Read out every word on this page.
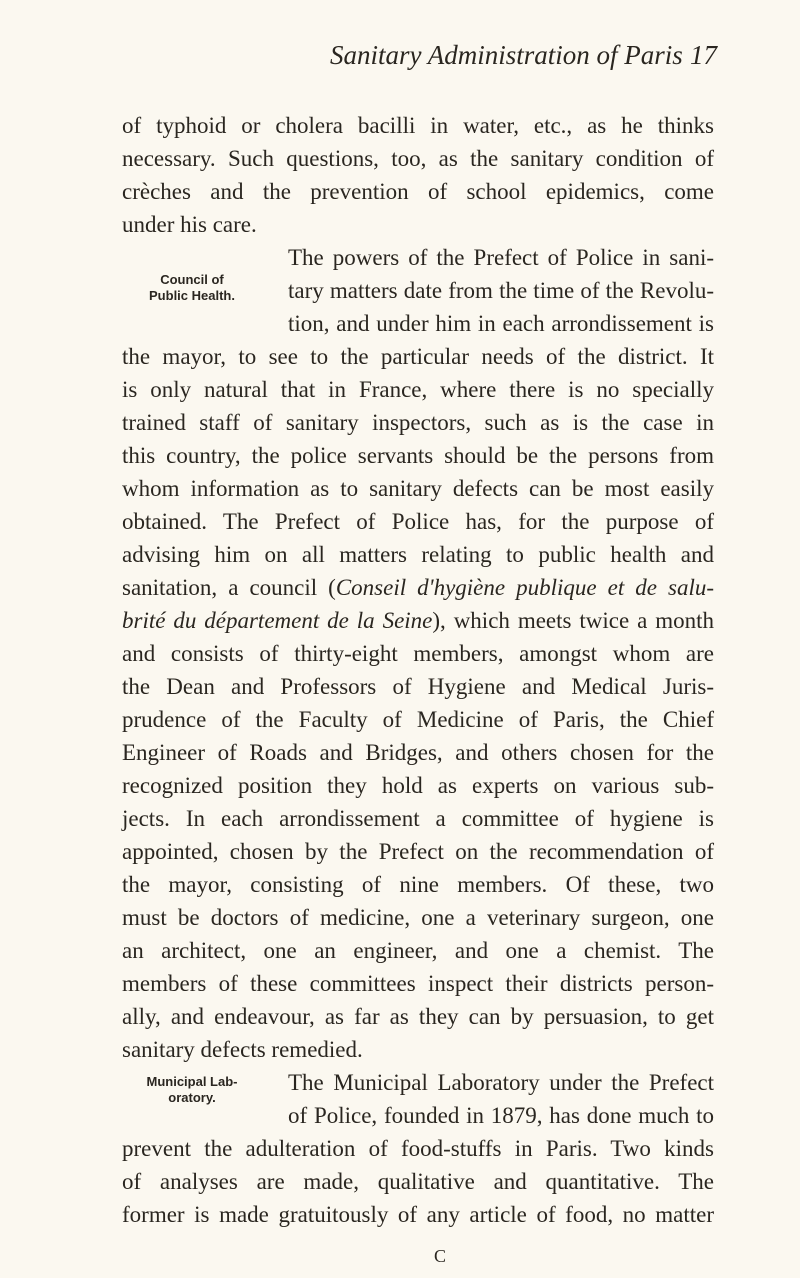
Sanitary Administration of Paris 17
of typhoid or cholera bacilli in water, etc., as he thinks
necessary. Such questions, too, as the sanitary condition of
crèches and the prevention of school epidemics, come
under his care.
The powers of the Prefect of Police in sani-
Council of
Public Health.	tary matters date from the time of the Revolu-
tion, and under him in each arrondissement is
the mayor, to see to the particular needs of the district. It
is only natural that in France, where there is no specially
trained staff of sanitary inspectors, such as is the case in
this country, the police servants should be the persons from
whom information as to sanitary defects can be most easily
obtained. The Prefect of Police has, for the purpose of
advising him on all matters relating to public health and
sanitation, a council (Conseil d'hygiène publique et de salu-
brité du département de la Seine), which meets twice a month
and consists of thirty-eight members, amongst whom are
the Dean and Professors of Hygiene and Medical Juris-
prudence of the Faculty of Medicine of Paris, the Chief
Engineer of Roads and Bridges, and others chosen for the
recognized position they hold as experts on various sub-
jects. In each arrondissement a committee of hygiene is
appointed, chosen by the Prefect on the recommendation of
the mayor, consisting of nine members. Of these, two
must be doctors of medicine, one a veterinary surgeon, one
an architect, one an engineer, and one a chemist. The
members of these committees inspect their districts person-
ally, and endeavour, as far as they can by persuasion, to get
sanitary defects remedied.
Municipal Lab-
oratory.
The Municipal Laboratory under the Prefect
of Police, founded in 1879, has done much to
prevent the adulteration of food-stuffs in Paris. Two kinds
of analyses are made, qualitative and quantitative. The
former is made gratuitously of any article of food, no matter
C
